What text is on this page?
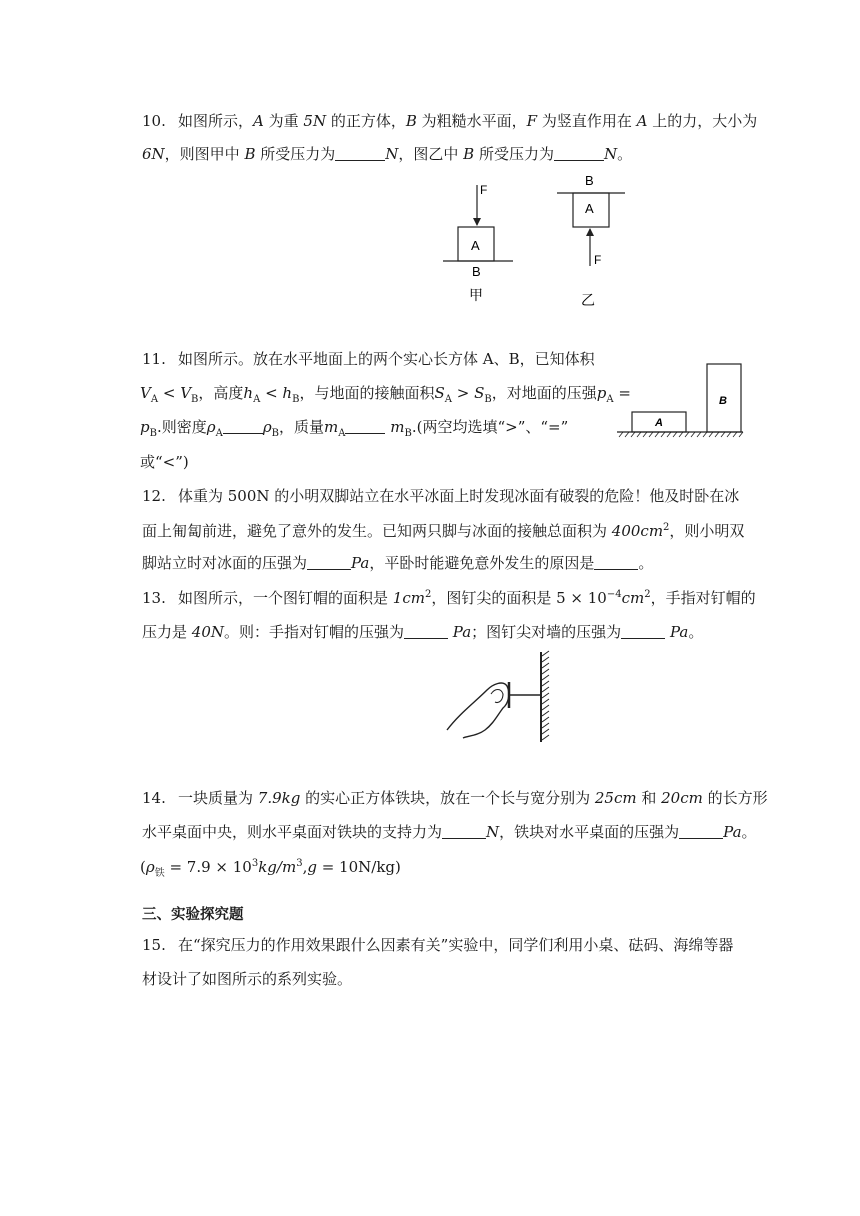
10. 如图所示，A 为重 5N 的正方体，B 为粗糙水平面，F 为竖直作用在 A 上的力，大小为
6N，则图甲中 B 所受压力为	N，图乙中 B 所受压力为	N。
F
A
B
甲
B
A
F
乙
11. 如图所示。放在水平地面上的两个实心长方体 A、B，已知体积
$V_A < V_B$，高度$h_A < h_B$，与地面的接触面积$S_A > S_B$，对地面的压强$p_A$ =
$p_B$.则密度$\rho_A$	$\rho_B$，质量$m_A$	$m_B$.(两空均选填“>”、“=”
或“<”)
A
B
12. 体重为 500N 的小明双脚站立在水平冰面上时发现冰面有破裂的危险！他及时卧在冰
面上匍匐前进，避免了意外的发生。已知两只脚与冰面的接触总面积为 $400cm^2$，则小明双
脚站立时对冰面的压强为	Pa，平卧时能避免意外发生的原因是	。
13. 如图所示，一个图钉帽的面积是 $1cm^2$，图钉尖的面积是 $5 \times 10^{-4}cm^2$，手指对钉帽的
压力是 40N。则：手指对钉帽的压强为	Pa；图钉尖对墙的压强为	Pa。
14. 一块质量为 7.9kg 的实心正方体铁块，放在一个长与宽分别为 25cm 和 20cm 的长方形
水平桌面中央，则水平桌面对铁块的支持力为	N，铁块对水平桌面的压强为	Pa。
$(\rho_铁 = 7.9 \times 10^3kg/m^3,g = 10N/kg)$
三、实验探究题
15. 在“探究压力的作用效果跟什么因素有关”实验中，同学们利用小桌、砝码、海绵等器
材设计了如图所示的系列实验。
